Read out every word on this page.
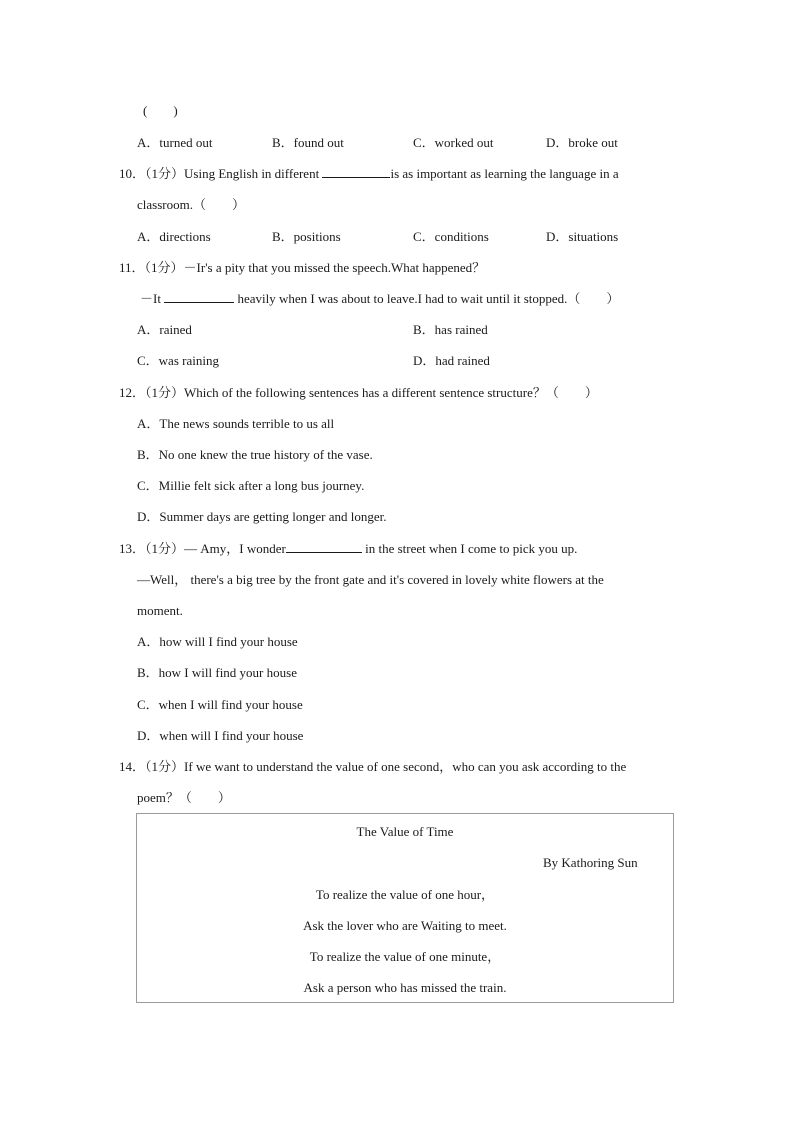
(　　)
A．turned out	B．found out	C．worked out	D．broke out
10．（1分）Using English in different	is as important as learning the language in a
classroom.（　　）
A．directions	B．positions	C．conditions	D．situations
11．（1分）－Ir's a pity that you missed the speech.What happened？
－It	heavily when I was about to leave.I had to wait until it stopped.（　　）
A．rained	B．has rained
C．was raining	D．had rained
12．（1分）Which of the following sentences has a different sentence structure？（　　）
A．The news sounds terrible to us all
B．No one knew the true history of the vase.
C．Millie felt sick after a long bus journey.
D．Summer days are getting longer and longer.
13．（1分）— Amy，I wonder	in the street when I come to pick you up.
—Well， there's a big tree by the front gate and it's covered in lovely white flowers at the
moment.
A．how will I find your house
B．how I will find your house
C．when I will find your house
D．when will I find your house
14．（1分）If we want to understand the value of one second，who can you ask according to the
poem？（　　）
The Value of Time
By Kathoring Sun
To realize the value of one hour，
Ask the lover who are Waiting to meet.
To realize the value of one minute，
Ask a person who has missed the train.
